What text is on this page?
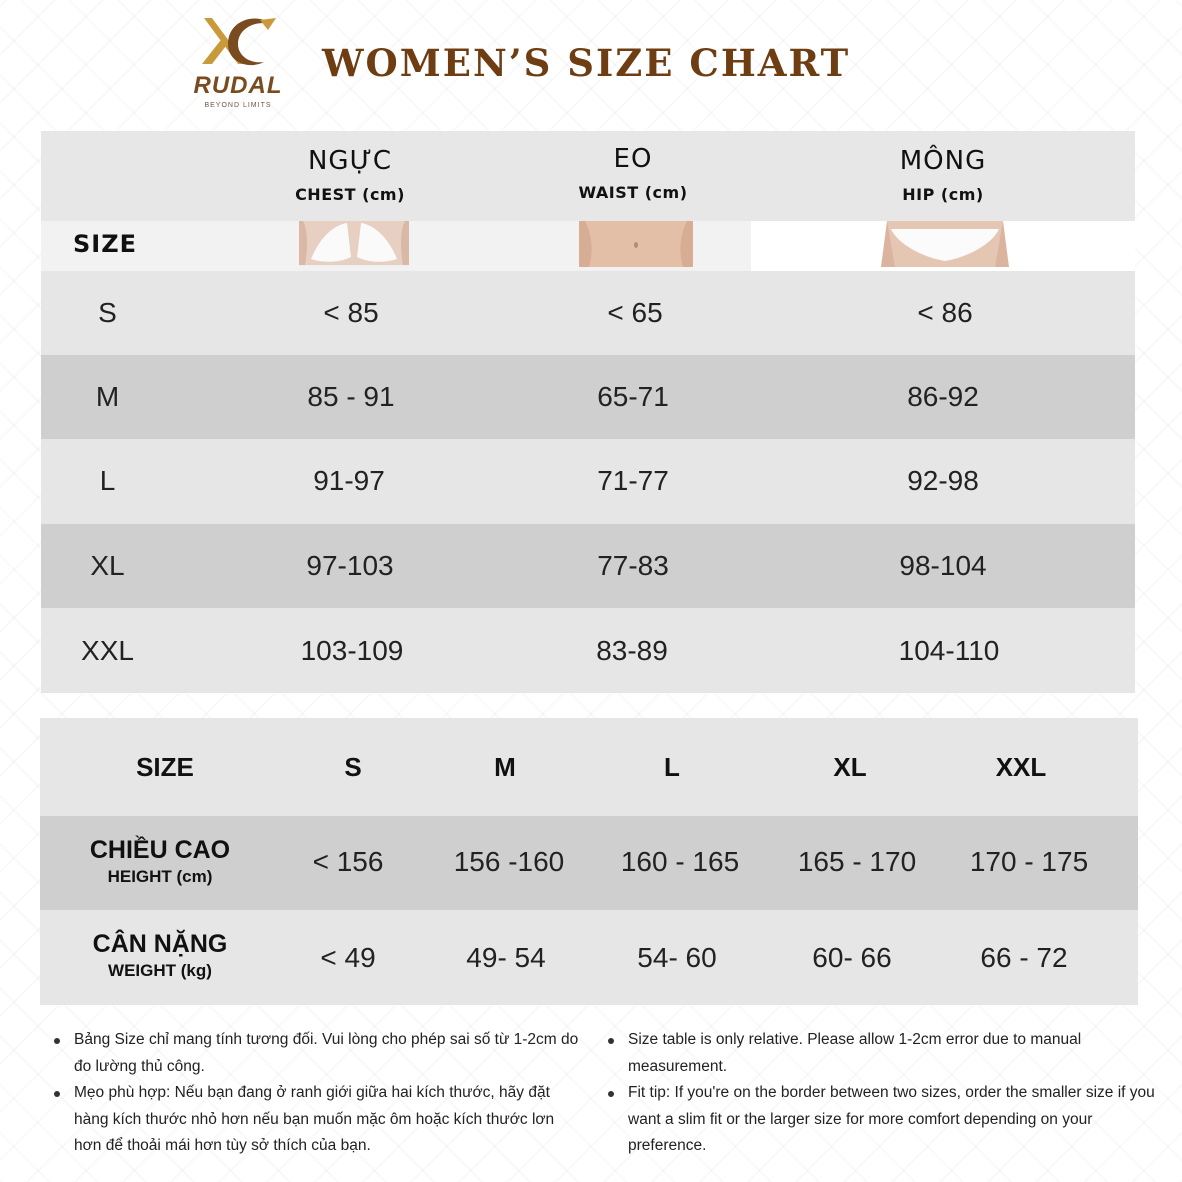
RUDAL
BEYOND LIMITS
WOMEN’S SIZE CHART
NGỰC
CHEST (cm)
EO
WAIST (cm)
MÔNG
HIP (cm)
SIZE
S	< 85	< 65	< 86
M	85 - 91	65-71	86-92
L	91-97	71-77	92-98
XL	97-103	77-83	98-104
XXL	103-109	83-89	104-110
SIZE	S	M	L	XL	XXL
CHIỀU CAO
HEIGHT (cm)	< 156	156 -160	160 - 165	165 - 170	170 - 175
CÂN NẶNG
WEIGHT (kg)	< 49	49- 54	54- 60	60- 66	66 - 72
Bảng Size chỉ mang tính tương đối. Vui lòng cho phép sai số từ 1-2cm do đo lường thủ công.
Mẹo phù hợp: Nếu bạn đang ở ranh giới giữa hai kích thước, hãy đặt hàng kích thước nhỏ hơn nếu bạn muốn mặc ôm hoặc kích thước lơn hơn để thoải mái hơn tùy sở thích của bạn.
Size table is only relative. Please allow 1-2cm error due to manual measurement.
Fit tip: If you're on the border between two sizes, order the smaller size if you want a slim fit or the larger size for more comfort depending on your preference.
